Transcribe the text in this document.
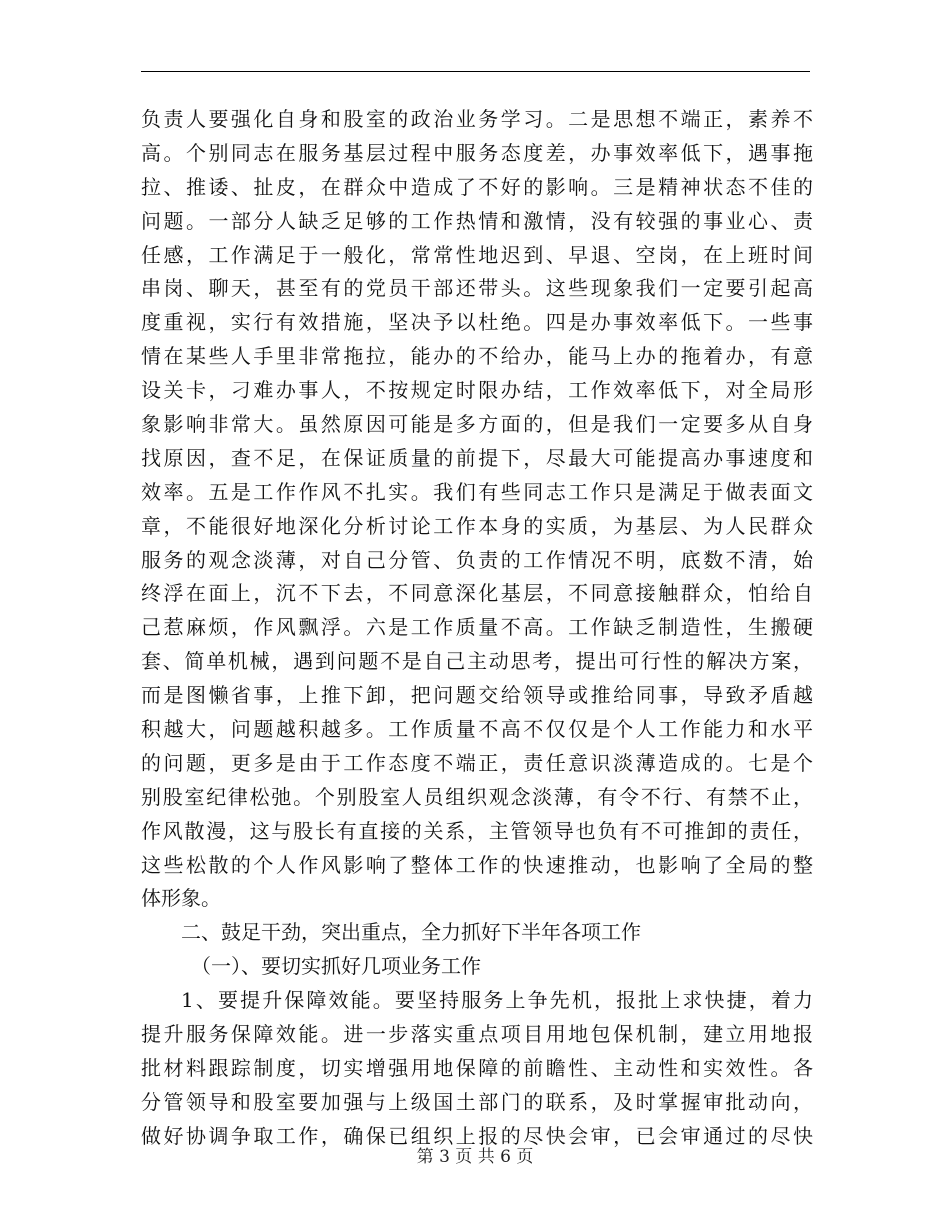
负责人要强化自身和股室的政治业务学习。二是思想不端正，素养不
高。个别同志在服务基层过程中服务态度差，办事效率低下，遇事拖
拉、推诿、扯皮，在群众中造成了不好的影响。三是精神状态不佳的
问题。一部分人缺乏足够的工作热情和激情，没有较强的事业心、责
任感，工作满足于一般化，常常性地迟到、早退、空岗，在上班时间
串岗、聊天，甚至有的党员干部还带头。这些现象我们一定要引起高
度重视，实行有效措施，坚决予以杜绝。四是办事效率低下。一些事
情在某些人手里非常拖拉，能办的不给办，能马上办的拖着办，有意
设关卡，刁难办事人，不按规定时限办结，工作效率低下，对全局形
象影响非常大。虽然原因可能是多方面的，但是我们一定要多从自身
找原因，查不足，在保证质量的前提下，尽最大可能提高办事速度和
效率。五是工作作风不扎实。我们有些同志工作只是满足于做表面文
章，不能很好地深化分析讨论工作本身的实质，为基层、为人民群众
服务的观念淡薄，对自己分管、负责的工作情况不明，底数不清，始
终浮在面上，沉不下去，不同意深化基层，不同意接触群众，怕给自
己惹麻烦，作风飘浮。六是工作质量不高。工作缺乏制造性，生搬硬
套、简单机械，遇到问题不是自己主动思考，提出可行性的解决方案，
而是图懒省事，上推下卸，把问题交给领导或推给同事，导致矛盾越
积越大，问题越积越多。工作质量不高不仅仅是个人工作能力和水平
的问题，更多是由于工作态度不端正，责任意识淡薄造成的。七是个
别股室纪律松弛。个别股室人员组织观念淡薄，有令不行、有禁不止，
作风散漫，这与股长有直接的关系，主管领导也负有不可推卸的责任，
这些松散的个人作风影响了整体工作的快速推动，也影响了全局的整
体形象。
二、鼓足干劲，突出重点，全力抓好下半年各项工作
（一）、要切实抓好几项业务工作
1、要提升保障效能。要坚持服务上争先机，报批上求快捷，着力
提升服务保障效能。进一步落实重点项目用地包保机制，建立用地报
批材料跟踪制度，切实增强用地保障的前瞻性、主动性和实效性。各
分管领导和股室要加强与上级国土部门的联系，及时掌握审批动向，
做好协调争取工作，确保已组织上报的尽快会审，已会审通过的尽快
第 3 页 共 6 页
